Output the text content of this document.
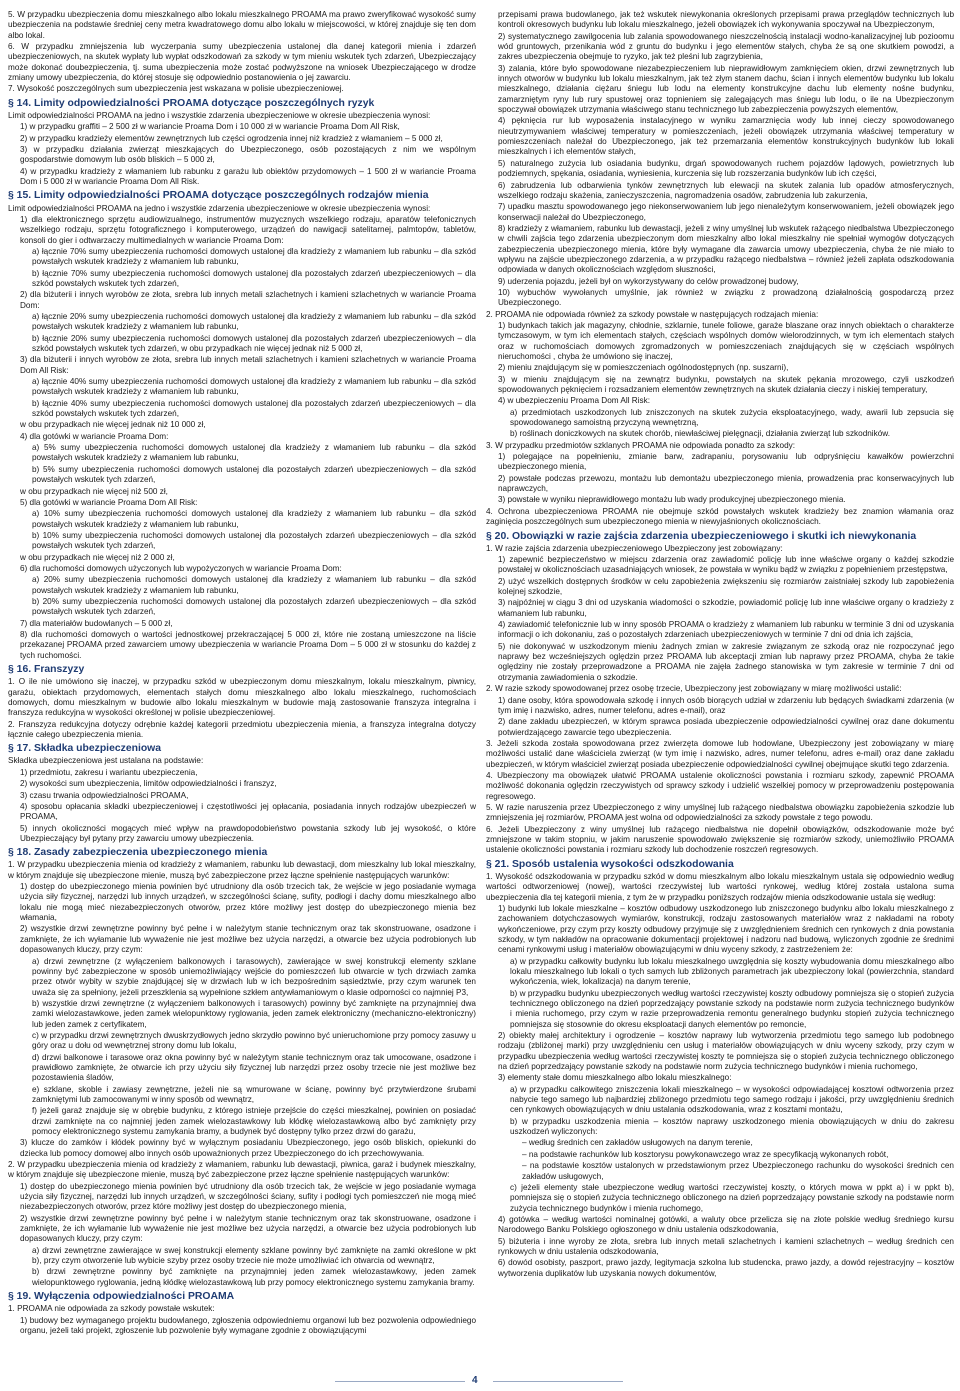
5. W przypadku ubezpieczenia domu mieszkalnego albo lokalu mieszkalnego PROAMA ma prawo zweryfikować wysokość sumy ubezpieczenia na podstawie średniej ceny metra kwadratowego domu albo lokalu w miejscowości, w której znajduje się ten dom albo lokal.
6. W przypadku zmniejszenia lub wyczerpania sumy ubezpieczenia ustalonej dla danej kategorii mienia i zdarzeń ubezpieczeniowych, na skutek wypłaty lub wypłat odszkodowań za szkody w tym mieniu wskutek tych zdarzeń, Ubezpieczający może dokonać doubezpieczenia, tj. suma ubezpieczenia może zostać podwyższone na wniosek Ubezpieczającego w drodze zmiany umowy ubezpieczenia, do której stosuje się odpowiednio postanowienia o jej zawarciu.
7. Wysokość poszczególnych sum ubezpieczenia jest wskazana w polisie ubezpieczeniowej.
§ 14. Limity odpowiedzialności PROAMA dotyczące poszczególnych ryzyk
Limit odpowiedzialności PROAMA na jedno i wszystkie zdarzenia ubezpieczeniowe w okresie ubezpieczenia wynosi:
1) w przypadku graffiti – 2 500 zł w wariancie Proama Dom i 10 000 zł w wariancie Proama Dom All Risk,
2) w przypadku kradzieży elementów zewnętrznych lub części ogrodzenia innej niż kradzież z włamaniem – 5 000 zł,
3) w przypadku działania zwierząt mieszkających do Ubezpieczonego, osób pozostających z nim we wspólnym gospodarstwie domowym lub osób bliskich – 5 000 zł,
4) w przypadku kradzieży z włamaniem lub rabunku z garażu lub obiektów przydomowych – 1 500 zł w wariancie Proama Dom i 5 000 zł w wariancie Proama Dom All Risk.
§ 15. Limity odpowiedzialności PROAMA dotyczące poszczególnych rodzajów mienia
Limit odpowiedzialności PROAMA na jedno i wszystkie zdarzenia ubezpieczeniowe w okresie ubezpieczenia wynosi:
1) dla elektronicznego sprzętu audiowizualnego, instrumentów muzycznych wszelkiego rodzaju, aparatów telefonicznych wszelkiego rodzaju, sprzętu fotograficznego i komputerowego, urządzeń do nawigacji satelitarnej, palmtopów, tabletów, konsoli do gier i odtwarzaczy multimedialnych w wariancie Proama Dom:
a) łącznie 70% sumy ubezpieczenia ruchomości domowych ustalonej dla kradzieży z włamaniem lub rabunku – dla szkód powstałych wskutek kradzieży z włamaniem lub rabunku,
b) łącznie 70% sumy ubezpieczenia ruchomości domowych ustalonej dla pozostałych zdarzeń ubezpieczeniowych – dla szkód powstałych wskutek tych zdarzeń,
2) dla biżuterii i innych wyrobów ze złota, srebra lub innych metali szlachetnych i kamieni szlachetnych w wariancie Proama Dom:
a) łącznie 20% sumy ubezpieczenia ruchomości domowych ustalonej dla kradzieży z włamaniem lub rabunku – dla szkód powstałych wskutek kradzieży z włamaniem lub rabunku,
b) łącznie 20% sumy ubezpieczenia ruchomości domowych ustalonej dla pozostałych zdarzeń ubezpieczeniowych – dla szkód powstałych wskutek tych zdarzeń, w obu przypadkach nie więcej jednak niż 5 000 zł,
3) dla biżuterii i innych wyrobów ze złota, srebra lub innych metali szlachetnych i kamieni szlachetnych w wariancie Proama Dom All Risk:
a) łącznie 40% sumy ubezpieczenia ruchomości domowych ustalonej dla kradzieży z włamaniem lub rabunku – dla szkód powstałych wskutek kradzieży z włamaniem lub rabunku,
b) łącznie 40% sumy ubezpieczenia ruchomości domowych ustalonej dla pozostałych zdarzeń ubezpieczeniowych – dla szkód powstałych wskutek tych zdarzeń,
w obu przypadkach nie więcej jednak niż 10 000 zł,
4) dla gotówki w wariancie Proama Dom:
a) 5% sumy ubezpieczenia ruchomości domowych ustalonej dla kradzieży z włamaniem lub rabunku – dla szkód powstałych wskutek kradzieży z włamaniem lub rabunku,
b) 5% sumy ubezpieczenia ruchomości domowych ustalonej dla pozostałych zdarzeń ubezpieczeniowych – dla szkód powstałych wskutek tych zdarzeń,
w obu przypadkach nie więcej niż 500 zł,
5) dla gotówki w wariancie Proama Dom All Risk:
a) 10% sumy ubezpieczenia ruchomości domowych ustalonej dla kradzieży z włamaniem lub rabunku – dla szkód powstałych wskutek kradzieży z włamaniem lub rabunku,
b) 10% sumy ubezpieczenia ruchomości domowych ustalonej dla pozostałych zdarzeń ubezpieczeniowych – dla szkód powstałych wskutek tych zdarzeń,
w obu przypadkach nie więcej niż 2 000 zł,
6) dla ruchomości domowych użyczonych lub wypożyczonych w wariancie Proama Dom:
a) 20% sumy ubezpieczenia ruchomości domowych ustalonej dla kradzieży z włamaniem lub rabunku – dla szkód powstałych wskutek kradzieży z włamaniem lub rabunku,
b) 20% sumy ubezpieczenia ruchomości domowych ustalonej dla pozostałych zdarzeń ubezpieczeniowych – dla szkód powstałych wskutek tych zdarzeń,
7) dla materiałów budowlanych – 5 000 zł,
8) dla ruchomości domowych o wartości jednostkowej przekraczającej 5 000 zł, które nie zostaną umieszczone na liście przekazanej PROAMA przed zawarciem umowy ubezpieczenia w wariancie Proama Dom – 5 000 zł w stosunku do każdej z tych ruchomości.
§ 16. Franszyzy
1. O ile nie umówiono się inaczej, w przypadku szkód w ubezpieczonym domu mieszkalnym, lokalu mieszkalnym, piwnicy, garażu, obiektach przydomowych, elementach stałych domu mieszkalnego albo lokalu mieszkalnego, ruchomościach domowych, domu mieszkalnym w budowie albo lokalu mieszkalnym w budowie mają zastosowanie franszyza integralna i franszyza redukcyjna w wysokości określonej w polisie ubezpieczeniowej.
2. Franszyza redukcyjna dotyczy odrębnie każdej kategorii przedmiotu ubezpieczenia mienia, a franszyza integralna dotyczy łącznie całego ubezpieczenia mienia.
§ 17. Składka ubezpieczeniowa
Składka ubezpieczeniowa jest ustalana na podstawie:
1) przedmiotu, zakresu i wariantu ubezpieczenia,
2) wysokości sum ubezpieczenia, limitów odpowiedzialności i franszyz,
3) czasu trwania odpowiedzialności PROAMA,
4) sposobu opłacania składki ubezpieczeniowej i częstotliwości jej opłacania, posiadania innych rodzajów ubezpieczeń w PROAMA,
5) innych okoliczności mogących mieć wpływ na prawdopodobieństwo powstania szkody lub jej wysokość, o które Ubezpieczający był pytany przy zawarciu umowy ubezpieczenia.
§ 18. Zasady zabezpieczenia ubezpieczonego mienia
1. W przypadku ubezpieczenia mienia od kradzieży z włamaniem, rabunku lub dewastacji, dom mieszkalny lub lokal mieszkalny, w którym znajduje się ubezpieczone mienie, muszą być zabezpieczone przez łączne spełnienie następujących warunków:
1) dostęp do ubezpieczonego mienia powinien być utrudniony dla osób trzecich tak, że wejście w jego posiadanie wymaga użycia siły fizycznej, narzędzi lub innych urządzeń, w szczególności ścianę, sufity, podłogi i dachy domu mieszkalnego albo lokalu nie mogą mieć niezabezpieczonych otworów, przez które możliwy jest dostęp do ubezpieczonego mienia bez włamania,
2) wszystkie drzwi zewnętrzne powinny być pełne i w należytym stanie technicznym oraz tak skonstruowane, osadzone i zamknięte, że ich wyłamanie lub wyważenie nie jest możliwe bez użycia narzędzi, a otwarcie bez użycia podrobionych lub dopasowanych kluczy, przy czym:
a) drzwi zewnętrzne (z wyłączeniem balkonowych i tarasowych), zawierające w swej konstrukcji elementy szklane powinny być zabezpieczone w sposób uniemożliwiający wejście do pomieszczeń lub otwarcie w tych drzwiach zamka przez otwór wybity w szybie znajdującej się w drzwiach lub w ich bezpośrednim sąsiedztwie, przy czym warunek ten uważa się za spełniony, jeżeli przeszklenia są wypełnione szkłem antywłamaniowym o klasie odporności co najmniej P3,
b) wszystkie drzwi zewnętrzne (z wyłączeniem balkonowych i tarasowych) powinny być zamknięte na przynajmniej dwa zamki wielozastawkowe, jeden zamek wielopunktowy ryglowania, jeden zamek elektroniczny (mechaniczno-elektroniczny) lub jeden zamek z certyfikatem,
c) w przypadku drzwi zewnętrznych dwuskrzydłowych jedno skrzydło powinno być unieruchomione przy pomocy zasuwy u góry oraz u dołu od wewnętrznej strony domu lub lokalu,
d) drzwi balkonowe i tarasowe oraz okna powinny być w należytym stanie technicznym oraz tak umocowane, osadzone i prawidłowo zamknięte, że otwarcie ich przy użyciu siły fizycznej lub narzędzi przez osoby trzecie nie jest możliwe bez pozostawienia śladów,
e) szklane, skoble i zawiasy zewnętrzne, jeżeli nie są wmurowane w ścianę, powinny być przytwierdzone śrubami zamkniętymi lub zamocowanymi w inny sposób od wewnątrz,
f) jeżeli garaż znajduje się w obrębie budynku, z którego istnieje przejście do części mieszkalnej, powinien on posiadać drzwi zamknięte na co najmniej jeden zamek wielozastawkowy lub kłódkę wielozastawkową albo być zamknięty przy pomocy elektronicznego systemu zamykania bramy, a budynek być dostępny tylko przez drzwi do garażu,
3) klucze do zamków i kłódek powinny być w wyłącznym posiadaniu Ubezpieczonego, jego osób bliskich, opiekunki do dziecka lub pomocy domowej albo innych osób upoważnionych przez Ubezpieczonego do ich przechowywania.
2. W przypadku ubezpieczenia mienia od kradzieży z włamaniem, rabunku lub dewastacji, piwnica, garaż i budynek mieszkalny, w którym znajduje się ubezpieczone mienie, muszą być zabezpieczone przez łączne spełnienie następujących warunków:
1) dostęp do ubezpieczonego mienia powinien być utrudniony dla osób trzecich tak, że wejście w jego posiadanie wymaga użycia siły fizycznej, narzędzi lub innych urządzeń, w szczególności ściany, sufity i podłogi tych pomieszczeń nie mogą mieć niezabezpieczonych otworów, przez które możliwy jest dostęp do ubezpieczonego mienia,
2) wszystkie drzwi zewnętrzne powinny być pełne i w należytym stanie technicznym oraz tak skonstruowane, osadzone i zamknięte, że ich wyłamanie lub wyważenie nie jest możliwe bez użycia narzędzi, a otwarcie bez użycia podrobionych lub dopasowanych kluczy, przy czym:
a) drzwi zewnętrzne zawierające w swej konstrukcji elementy szklane powinny być zamknięte na zamki określone w pkt b), przy czym otworzenie lub wybicie szyby przez osoby trzecie nie może umożliwiać ich otwarcia od wewnątrz,
b) drzwi zewnętrzne powinny być zamknięte na przynajmniej jeden zamek wielozastawkowy, jeden zamek wielopunktowego ryglowania, jedną kłódkę wielozastawkową lub przy pomocy elektronicznego systemu zamykania bramy.
§ 19. Wyłączenia odpowiedzialności PROAMA
1. PROAMA nie odpowiada za szkody powstałe wskutek:
1) budowy bez wymaganego projektu budowlanego, zgłoszenia odpowiedniemu organowi lub bez pozwolenia odpowiedniego organu, jeżeli taki projekt, zgłoszenie lub pozwolenie były wymagane zgodnie z obowiązującymi
przepisami prawa budowlanego, jak też wskutek niewykonania określonych przepisami prawa przeglądów technicznych lub kontroli okresowych budynku lub lokalu mieszkalnego, jeżeli obowiązek ich wykonywania spoczywał na Ubezpieczonym,
2) systematycznego zawilgocenia lub zalania spowodowanego nieszczelnością instalacji wodno-kanalizacyjnej lub pozioomu wód gruntowych, przenikania wód z gruntu do budynku i jego elementów stałych, chyba że są one skutkiem powodzi, a zakres ubezpieczenia obejmuje to ryzyko, jak też pleśni lub zagrzybienia,
3) zalania, które było spowodowane niezabezpieczeniem lub nieprawidłowym zamknięciem okien, drzwi zewnętrznych lub innych otworów w budynku lub lokalu mieszkalnym, jak też złym stanem dachu, ścian i innych elementów budynku lub lokalu mieszkalnego, działania ciężaru śniegu lub lodu na elementy konstrukcyjne dachu lub elementy nośne budynku, zamarzniętym ryny lub rury spustowej oraz topnieniem się zalegających mas śniegu lub lodu, o ile na Ubezpieczonym spoczywał obowiązek utrzymania właściwego stanu technicznego lub zabezpieczenia powyższych elementów,
4) pęknięcia rur lub wyposażenia instalacyjnego w wyniku zamarznięcia wody lub innej cieczy spowodowanego nieutrzymywaniem właściwej temperatury w pomieszczeniach, jeżeli obowiązek utrzymania właściwej temperatury w pomieszczeniach należał do Ubezpieczonego, jak też przemarzania elementów konstrukcyjnych budynków lub lokali mieszkalnych i ich elementów stałych,
5) naturalnego zużycia lub osiadania budynku, drgań spowodowanych ruchem pojazdów lądowych, powietrznych lub podziemnych, spękania, osiadania, wyniesienia, kurczenia się lub rozszerzania budynków lub ich części,
6) zabrudzenia lub odbarwienia tynków zewnętrznych lub elewacji na skutek zalania lub opadów atmosferycznych, wszelkiego rodzaju skażenia, zanieczyszczenia, nagromadzenia osadów, zabrudzenia lub zakurzenia,
7) upadku masztu spowodowanego jego niekonserwowaniem lub jego nienależytym konserwowaniem, jeżeli obowiązek jego konserwacji należał do Ubezpieczonego,
8) kradzieży z włamaniem, rabunku lub dewastacji, jeżeli z winy umyślnej lub wskutek rażącego niedbalstwa Ubezpieczonego w chwili zajścia tego zdarzenia ubezpieczonym dom mieszkalny albo lokal mieszkalny nie spełniał wymogów dotyczących zabezpieczenia ubezpieczonego mienia, które były wymagane dla zawarcia umowy ubezpieczenia, chyba że nie miało to wpływu na zajście ubezpieczonego zdarzenia, a w przypadku rażącego niedbalstwa – również jeżeli zapłata odszkodowania odpowiada w danych okolicznościach względom słuszności,
9) uderzenia pojazdu, jeżeli był on wykorzystywany do celów prowadzonej budowy,
10) wybuchów wywołanych umyślnie, jak również w związku z prowadzoną działalnością gospodarczą przez Ubezpieczonego.
2. PROAMA nie odpowiada również za szkody powstałe w następujących rodzajach mienia:
1) budynkach takich jak magazyny, chłodnie, szklarnie, tunele foliowe, garaże blaszane oraz innych obiektach o charakterze tymczasowym, w tym ich elementach stałych, częściach wspólnych domów wielorodzinnych, w tym ich elementach stałych oraz w ruchomościach domowych zgromadzonych w pomieszczeniach znajdujących się w częściach wspólnych nieruchomości , chyba że umówiono się inaczej,
2) mieniu znajdującym się w pomieszczeniach ogólnodostępnych (np. suszarni),
3) w mieniu znajdującym się na zewnątrz budynku, powstałych na skutek pękania mrozowego, czyli uszkodzeń spowodowanych pęknięciem i rozsadzaniem elementów zewnętrznych na skutek działania cieczy i niskiej temperatury,
4) w ubezpieczeniu Proama Dom All Risk:
a) przedmiotach uszkodzonych lub zniszczonych na skutek zużycia eksploatacyjnego, wady, awarii lub zepsucia się spowodowanego samoistną przyczyną wewnętrzną,
b) roślinach doniczkowych na skutek chorób, niewłaściwej pielęgnacji, działania zwierząt lub szkodników.
3. W przypadku przedmiotów szklanych PROAMA nie odpowiada ponadto za szkody:
1) polegające na popełnieniu, zmianie barw, zadrapaniu, porysowaniu lub odpryśnięciu kawałków powierzchni ubezpieczonego mienia,
2) powstałe podczas przewozu, montażu lub demontażu ubezpieczonego mienia, prowadzenia prac konserwacyjnych lub naprawczych,
3) powstałe w wyniku nieprawidłowego montażu lub wady produkcyjnej ubezpieczonego mienia.
4. Ochrona ubezpieczeniowa PROAMA nie obejmuje szkód powstałych wskutek kradzieży bez znamion włamania oraz zaginięcia poszczególnych sum ubezpieczonego mienia w niewyjaśnionych okolicznościach.
§ 20. Obowiązki w razie zajścia zdarzenia ubezpieczeniowego i skutki ich niewykonania
1. W razie zajścia zdarzenia ubezpieczeniowego Ubezpieczony jest zobowiązany:
1) zapewnić bezpieczeństwo w miejscu zdarzenia oraz zawiadomić policję lub inne właściwe organy o każdej szkodzie powstałej w okolicznościach uzasadniających wniosek, że powstała w wyniku bądź w związku z popełnieniem przestępstwa,
2) użyć wszelkich dostępnych środków w celu zapobieżenia zwiększeniu się rozmiarów zaistniałej szkody lub zapobieżenia kolejnej szkodzie,
3) najpóźniej w ciągu 3 dni od uzyskania wiadomości o szkodzie, powiadomić policję lub inne właściwe organy o kradzieży z włamaniem lub rabunku,
4) zawiadomić telefonicznie lub w inny sposób PROAMA o kradzieży z włamaniem lub rabunku w terminie 3 dni od uzyskania informacji o ich dokonaniu, zaś o pozostałych zdarzeniach ubezpieczeniowych w terminie 7 dni od dnia ich zajścia,
5) nie dokonywać w uszkodzonym mieniu żadnych zmian w zakresie związanym ze szkodą oraz nie rozpoczynać jego naprawy bez wcześniejszych oględzin przez PROAMA lub akceptacji zmian lub naprawy przez PROAMA, chyba że takie oględziny nie zostały przeprowadzone a PROAMA nie zajęła żadnego stanowiska w tym zakresie w terminie 7 dni od otrzymania zawiadomienia o szkodzie.
2. W razie szkody spowodowanej przez osobę trzecie, Ubezpieczony jest zobowiązany w miarę możliwości ustalić:
1) dane osoby, która spowodowała szkodę i innych osób biorących udział w zdarzeniu lub będących świadkami zdarzenia (w tym imię i nazwisko, adres, numer telefonu, adres e-mail), oraz
2) dane zakładu ubezpieczeń, w którym sprawca posiada ubezpieczenie odpowiedzialności cywilnej oraz dane dokumentu potwierdzającego zawarcie tego ubezpieczenia.
3. Jeżeli szkoda została spowodowana przez zwierzęta domowe lub hodowlane, Ubezpieczony jest zobowiązany w miarę możliwości ustalić dane właściciela zwierząt (w tym imię i nazwisko, adres, numer telefonu, adres e-mail) oraz dane zakładu ubezpieczeń, w którym właściciel zwierząt posiada ubezpieczenie odpowiedzialności cywilnej obejmujące skutki tego zdarzenia.
4. Ubezpieczony ma obowiązek ułatwić PROAMA ustalenie okoliczności powstania i rozmiaru szkody, zapewnić PROAMA możliwość dokonania oględzin rzeczywistych od sprawcy szkody i udzielić wszelkiej pomocy w przeprowadzeniu postępowania regresowego.
5. W razie naruszenia przez Ubezpieczonego z winy umyślnej lub rażącego niedbalstwa obowiązku zapobieżenia szkodzie lub zmniejszenia jej rozmiarów, PROAMA jest wolna od odpowiedzialności za szkody powstałe z tego powodu.
6. Jeżeli Ubezpieczony z winy umyślnej lub rażącego niedbalstwa nie dopełnił obowiązków, odszkodowanie może być zmniejszone w takim stopniu, w jakim naruszenie spowodowało zwiększenie się rozmiarów szkody, uniemożliwiło PROAMA ustalenie okoliczności powstania i rozmiaru szkody lub dochodzenie roszczeń regresowych.
§ 21. Sposób ustalenia wysokości odszkodowania
1. Wysokość odszkodowania w przypadku szkód w domu mieszkalnym albo lokalu mieszkalnym ustala się odpowiednio według wartości odtworzeniowej (nowej), wartości rzeczywistej lub wartości rynkowej, według której została ustalona suma ubezpieczenia dla tej kategorii mienia, z tym że w przypadku poniższych rodzajów mienia odszkodowanie ustala się według:
1) budynki lub lokale mieszkalne – kosztów odbudowy uszkodzonego lub zniszczonego budynku albo lokalu mieszkalnego z zachowaniem dotychczasowych wymiarów, konstrukcji, rodzaju zastosowanych materiałów wraz z nakładami na roboty wykończeniowe, przy czym przy koszty odbudowy przyjmuje się z uwzględnieniem średnich cen rynkowych z dnia powstania szkody, w tym nakładów na opracowanie dokumentacji projektowej i nadzoru nad budową, wyliczonych zgodnie ze średnimi cenami rynkowymi usług i materiałów obowiązującymi w dniu wyceny szkody, z zastrzeżeniem że:
a) w przypadku całkowity budynku lub lokalu mieszkalnego uwzględnia się koszty wybudowania domu mieszkalnego albo lokalu mieszkalnego lub lokali o tych samych lub zbliżonych parametrach jak ubezpieczony lokal (powierzchnia, standard wykończenia, wiek, lokalizacja) na danym terenie,
b) w przypadku budynku ubezpieczonych według wartości rzeczywistej koszty odbudowy pomniejsza się o stopień zużycia technicznego obliczonego na dzień poprzedzający powstanie szkody na podstawie norm zużycia technicznego budynków i mienia ruchomego, przy czym w razie przeprowadzenia remontu generalnego budynku stopień zużycia technicznego pomniejsza się stosownie do okresu eksploatacji danych elementów po remoncie,
2) obiekty małej architektury i ogrodzenie – kosztów naprawy lub wytworzenia przedmiotu tego samego lub podobnego rodzaju (zbliżonej marki) przy uwzględnieniu cen usług i materiałów obowiązujących w dniu wyceny szkody, przy czym w przypadku ubezpieczenia według wartości rzeczywistej koszty te pomniejsza się o stopień zużycia technicznego obliczonego na dzień poprzedzający powstanie szkody na podstawie norm zużycia technicznego budynków i mienia ruchomego,
3) elementy stałe domu mieszkalnego albo lokalu mieszkalnego:
a) w przypadku całkowitego zniszczenia lokali mieszkalnego – w wysokości odpowiadającej kosztowi odtworzenia przez nabycie tego samego lub najbardziej zbliżonego przedmiotu tego samego rodzaju i jakości, przy uwzględnieniu średnich cen rynkowych obowiązujących w dniu ustalania odszkodowania, wraz z kosztami montażu,
b) w przypadku uszkodzenia mienia – kosztów naprawy uszkodzonego mienia obowiązujących w dniu do zakresu uszkodzeń wyliczonych:
– według średnich cen zakładów usługowych na danym terenie,
– na podstawie rachunków lub kosztorysu powykonawczego wraz ze specyfikacją wykonanych robót,
– na podstawie kosztów ustalonych w przedstawionym przez Ubezpieczonego rachunku do wysokości średnich cen zakładów usługowych,
c) jeżeli elementy stałe ubezpieczone według wartości rzeczywistej koszty, o których mowa w ppkt a) i w ppkt b), pomniejsza się o stopień zużycia technicznego obliczonego na dzień poprzedzający powstanie szkody na podstawie norm zużycia technicznego budynków i mienia ruchomego,
4) gotówka – według wartości nominalnej gotówki, a waluty obce przelicza się na złote polskie według średniego kursu Narodowego Banku Polskiego ogłoszonego w dniu ustalenia odszkodowania,
5) biżuteria i inne wyroby ze złota, srebra lub innych metali szlachetnych i kamieni szlachetnych – według średnich cen rynkowych w dniu ustalenia odszkodowania,
6) dowód osobisty, paszport, prawo jazdy, legitymacja szkolna lub studencka, prawo jazdy, a dowód rejestracyjny – kosztów wytworzenia duplikatów lub uzyskania nowych dokumentów,
4
